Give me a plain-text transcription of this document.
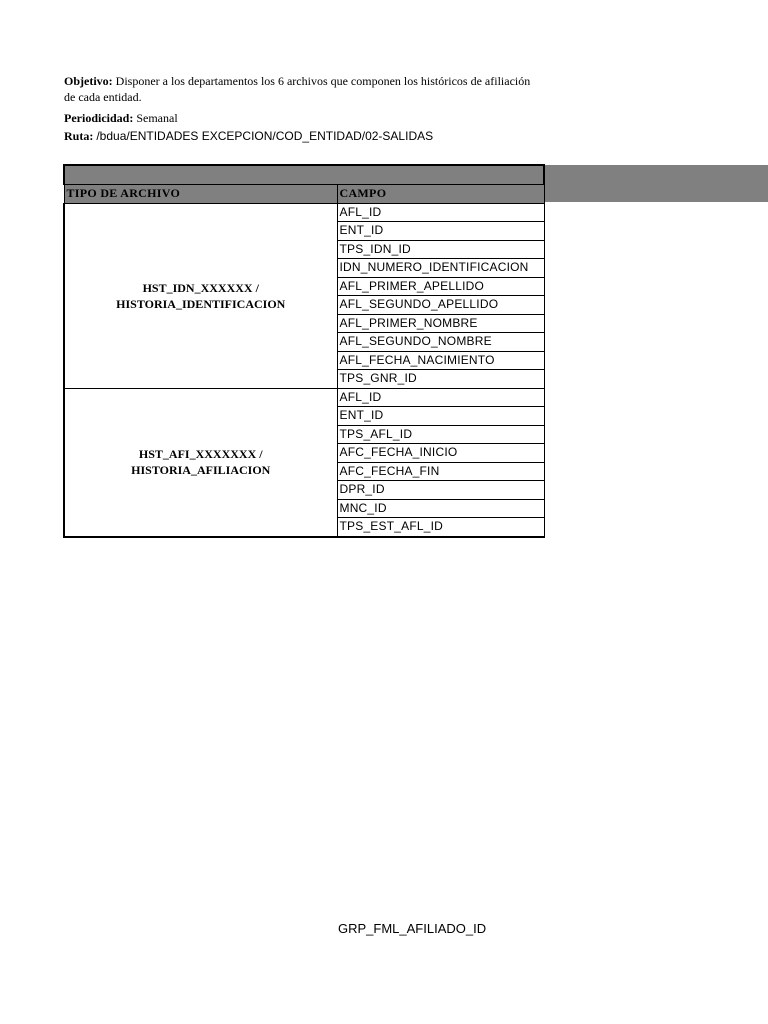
Objetivo: Disponer a los departamentos los 6 archivos que componen los históricos de afiliación
de cada entidad.
Periodicidad: Semanal
Ruta: /bdua/ENTIDADES EXCEPCION/COD_ENTIDAD/02-SALIDAS

TIPO DE ARCHIVO	CAMPO

HST_IDN_XXXXXX /
HISTORIA_IDENTIFICACION	AFL_ID
	ENT_ID
	TPS_IDN_ID
	IDN_NUMERO_IDENTIFICACION
	AFL_PRIMER_APELLIDO
	AFL_SEGUNDO_APELLIDO
	AFL_PRIMER_NOMBRE
	AFL_SEGUNDO_NOMBRE
	AFL_FECHA_NACIMIENTO
	TPS_GNR_ID

HST_AFI_XXXXXXX /
HISTORIA_AFILIACION	AFL_ID
	ENT_ID
	TPS_AFL_ID
	AFC_FECHA_INICIO
	AFC_FECHA_FIN
	DPR_ID
	MNC_ID
	TPS_EST_AFL_ID
GRP_FML_AFILIADO_ID
